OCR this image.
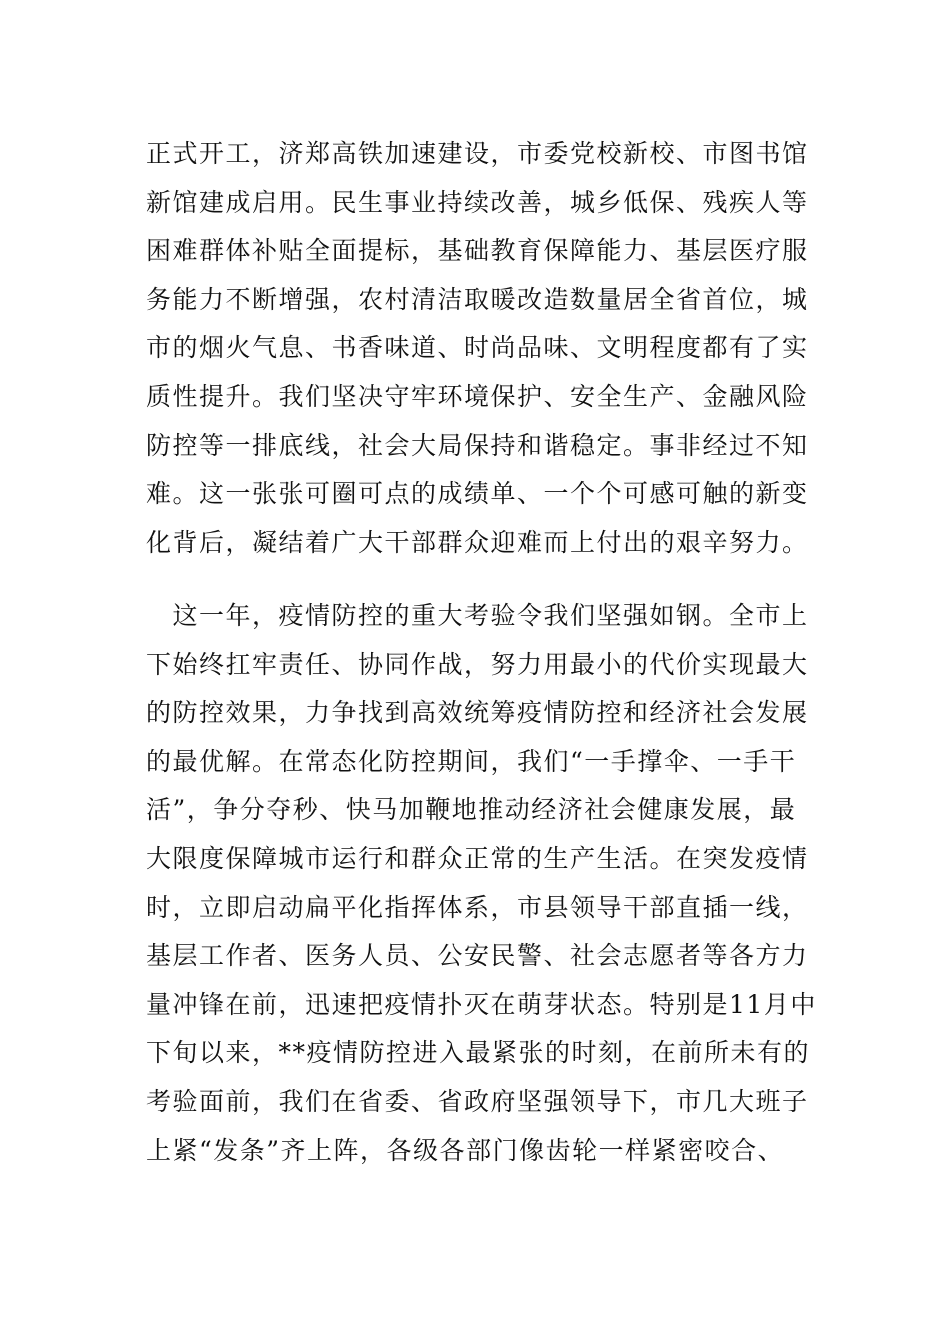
正式开工，济郑高铁加速建设，市委党校新校、市图书馆
新馆建成启用。民生事业持续改善，城乡低保、残疾人等
困难群体补贴全面提标，基础教育保障能力、基层医疗服
务能力不断增强，农村清洁取暖改造数量居全省首位，城
市的烟火气息、书香味道、时尚品味、文明程度都有了实
质性提升。我们坚决守牢环境保护、安全生产、金融风险
防控等一排底线，社会大局保持和谐稳定。事非经过不知
难。这一张张可圈可点的成绩单、一个个可感可触的新变
化背后，凝结着广大干部群众迎难而上付出的艰辛努力。

　这一年，疫情防控的重大考验令我们坚强如钢。全市上
下始终扛牢责任、协同作战，努力用最小的代价实现最大
的防控效果，力争找到高效统筹疫情防控和经济社会发展
的最优解。在常态化防控期间，我们“一手撑伞、一手干
活”，争分夺秒、快马加鞭地推动经济社会健康发展，最
大限度保障城市运行和群众正常的生产生活。在突发疫情
时，立即启动扁平化指挥体系，市县领导干部直插一线，
基层工作者、医务人员、公安民警、社会志愿者等各方力
量冲锋在前，迅速把疫情扑灭在萌芽状态。特别是11月中
下旬以来，**疫情防控进入最紧张的时刻，在前所未有的
考验面前，我们在省委、省政府坚强领导下，市几大班子
上紧“发条”齐上阵，各级各部门像齿轮一样紧密咬合、
